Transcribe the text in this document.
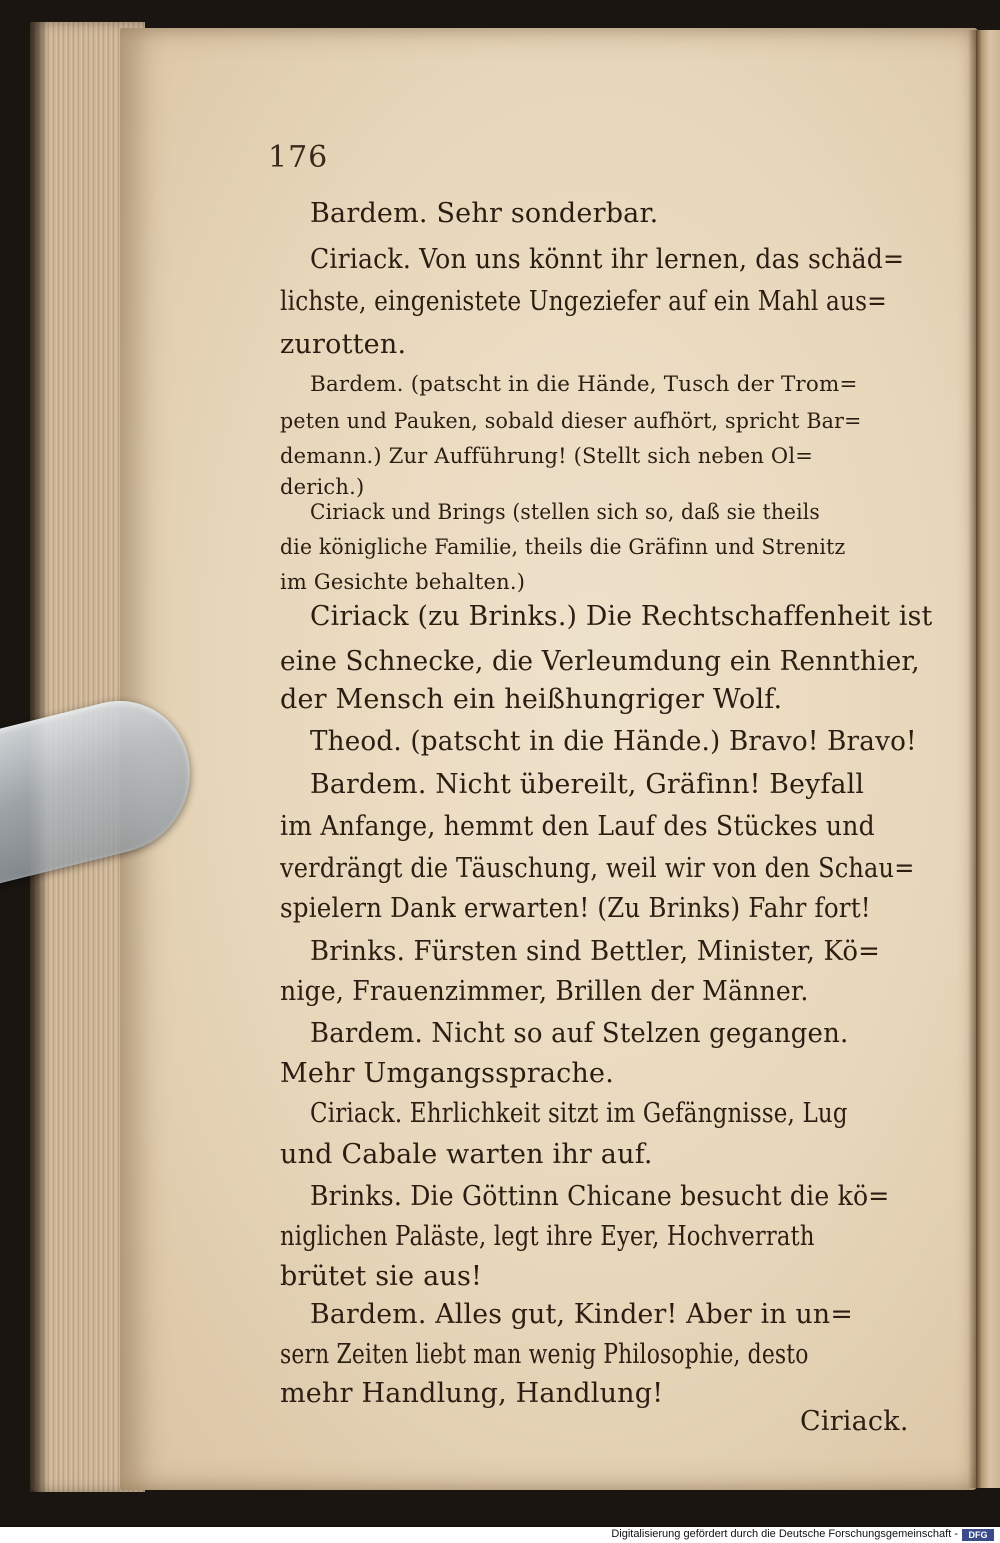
176
Bardem. Sehr sonderbar.
Ciriack. Von uns könnt ihr lernen, das schäd=
lichste, eingenistete Ungeziefer auf ein Mahl aus=
zurotten.
Bardem. (patscht in die Hände, Tusch der Trom=
peten und Pauken, sobald dieser aufhört, spricht Bar=
demann.) Zur Aufführung! (Stellt sich neben Ol=
derich.)
Ciriack und Brings (stellen sich so, daß sie theils
die königliche Familie, theils die Gräfinn und Strenitz
im Gesichte behalten.)
Ciriack (zu Brinks.) Die Rechtschaffenheit ist
eine Schnecke, die Verleumdung ein Rennthier,
der Mensch ein heißhungriger Wolf.
Theod. (patscht in die Hände.) Bravo! Bravo!
Bardem. Nicht übereilt, Gräfinn! Beyfall
im Anfange, hemmt den Lauf des Stückes und
verdrängt die Täuschung, weil wir von den Schau=
spielern Dank erwarten! (Zu Brinks) Fahr fort!
Brinks. Fürsten sind Bettler, Minister, Kö=
nige, Frauenzimmer, Brillen der Männer.
Bardem. Nicht so auf Stelzen gegangen.
Mehr Umgangssprache.
Ciriack. Ehrlichkeit sitzt im Gefängnisse, Lug
und Cabale warten ihr auf.
Brinks. Die Göttinn Chicane besucht die kö=
niglichen Paläste, legt ihre Eyer, Hochverrath
brütet sie aus!
Bardem. Alles gut, Kinder! Aber in un=
sern Zeiten liebt man wenig Philosophie, desto
mehr Handlung, Handlung!
Ciriack.
Digitalisierung gefördert durch die Deutsche Forschungsgemeinschaft -	DFG
